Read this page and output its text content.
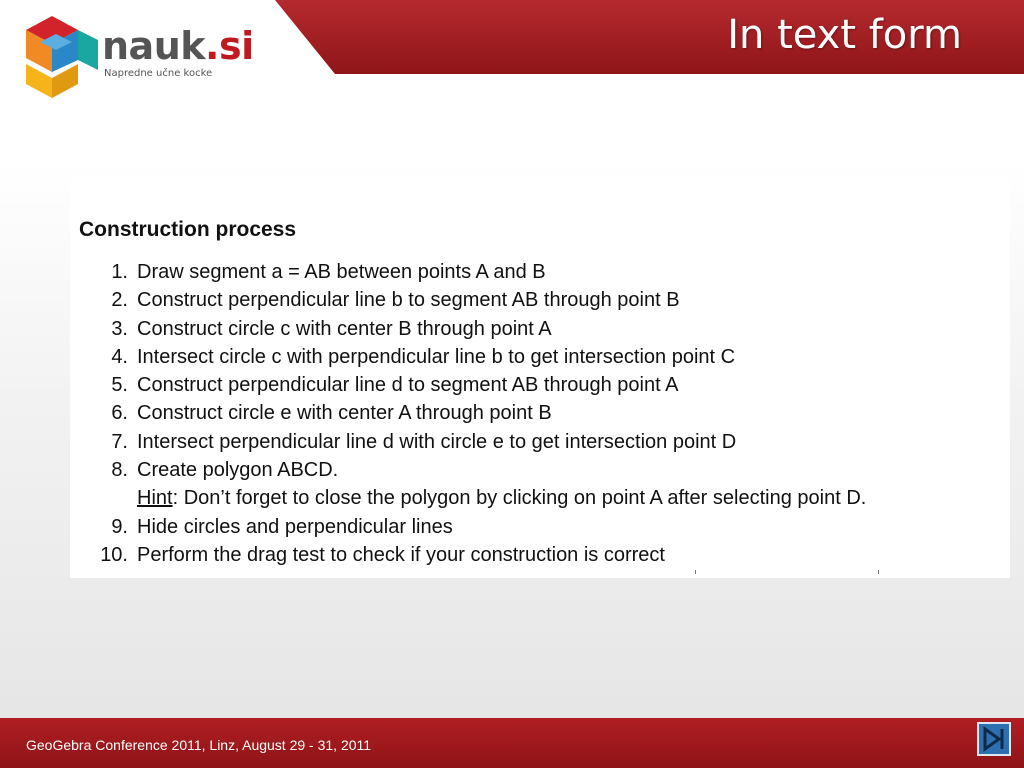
nauk.si
Napredne učne kocke
In text form
Construction process
1. Draw segment a = AB between points A and B
2. Construct perpendicular line b to segment AB through point B
3. Construct circle c with center B through point A
4. Intersect circle c with perpendicular line b to get intersection point C
5. Construct perpendicular line d to segment AB through point A
6. Construct circle e with center A through point B
7. Intersect perpendicular line d with circle e to get intersection point D
8. Create polygon ABCD.
Hint: Don’t forget to close the polygon by clicking on point A after selecting point D.
9. Hide circles and perpendicular lines
10. Perform the drag test to check if your construction is correct
GeoGebra Conference 2011, Linz, August 29 - 31, 2011
